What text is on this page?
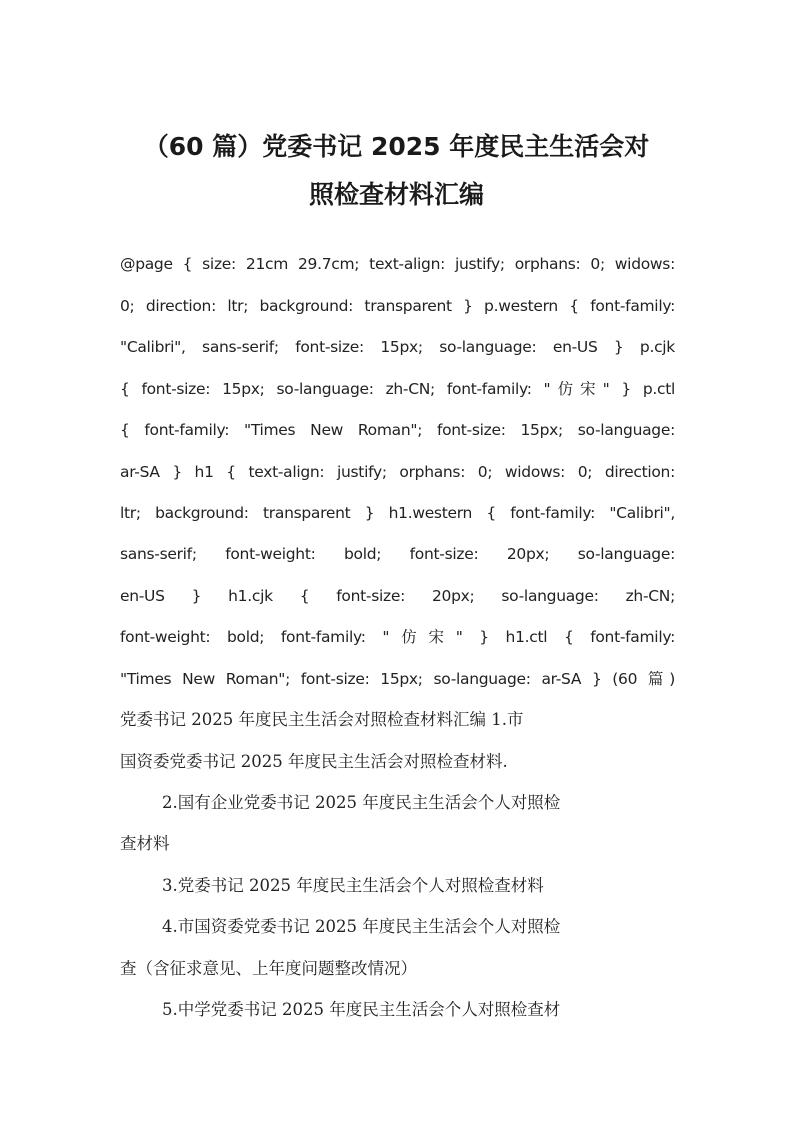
（60 篇）党委书记 2025 年度民主生活会对
照检查材料汇编

@page { size: 21cm 29.7cm; text-align: justify; orphans: 0; widows:

0; direction: ltr; background: transparent } p.western { font-family:

"Calibri", sans-serif; font-size: 15px; so-language: en-US } p.cjk

{ font-size: 15px; so-language: zh-CN; font-family: "仿宋" } p.ctl

{ font-family: "Times New Roman"; font-size: 15px; so-language:

ar-SA } h1 { text-align: justify; orphans: 0; widows: 0; direction:

ltr; background: transparent } h1.western { font-family: "Calibri",

sans-serif; font-weight: bold; font-size: 20px; so-language:

en-US } h1.cjk { font-size: 20px; so-language: zh-CN;

font-weight: bold; font-family: "仿宋" } h1.ctl { font-family:

"Times New Roman"; font-size: 15px; so-language: ar-SA } (60 篇)

党委书记 2025 年度民主生活会对照检查材料汇编 1.市

国资委党委书记 2025 年度民主生活会对照检查材料.

2.国有企业党委书记 2025 年度民主生活会个人对照检

查材料

3.党委书记 2025 年度民主生活会个人对照检查材料

4.市国资委党委书记 2025 年度民主生活会个人对照检

查（含征求意见、上年度问题整改情况）

5.中学党委书记 2025 年度民主生活会个人对照检查材
